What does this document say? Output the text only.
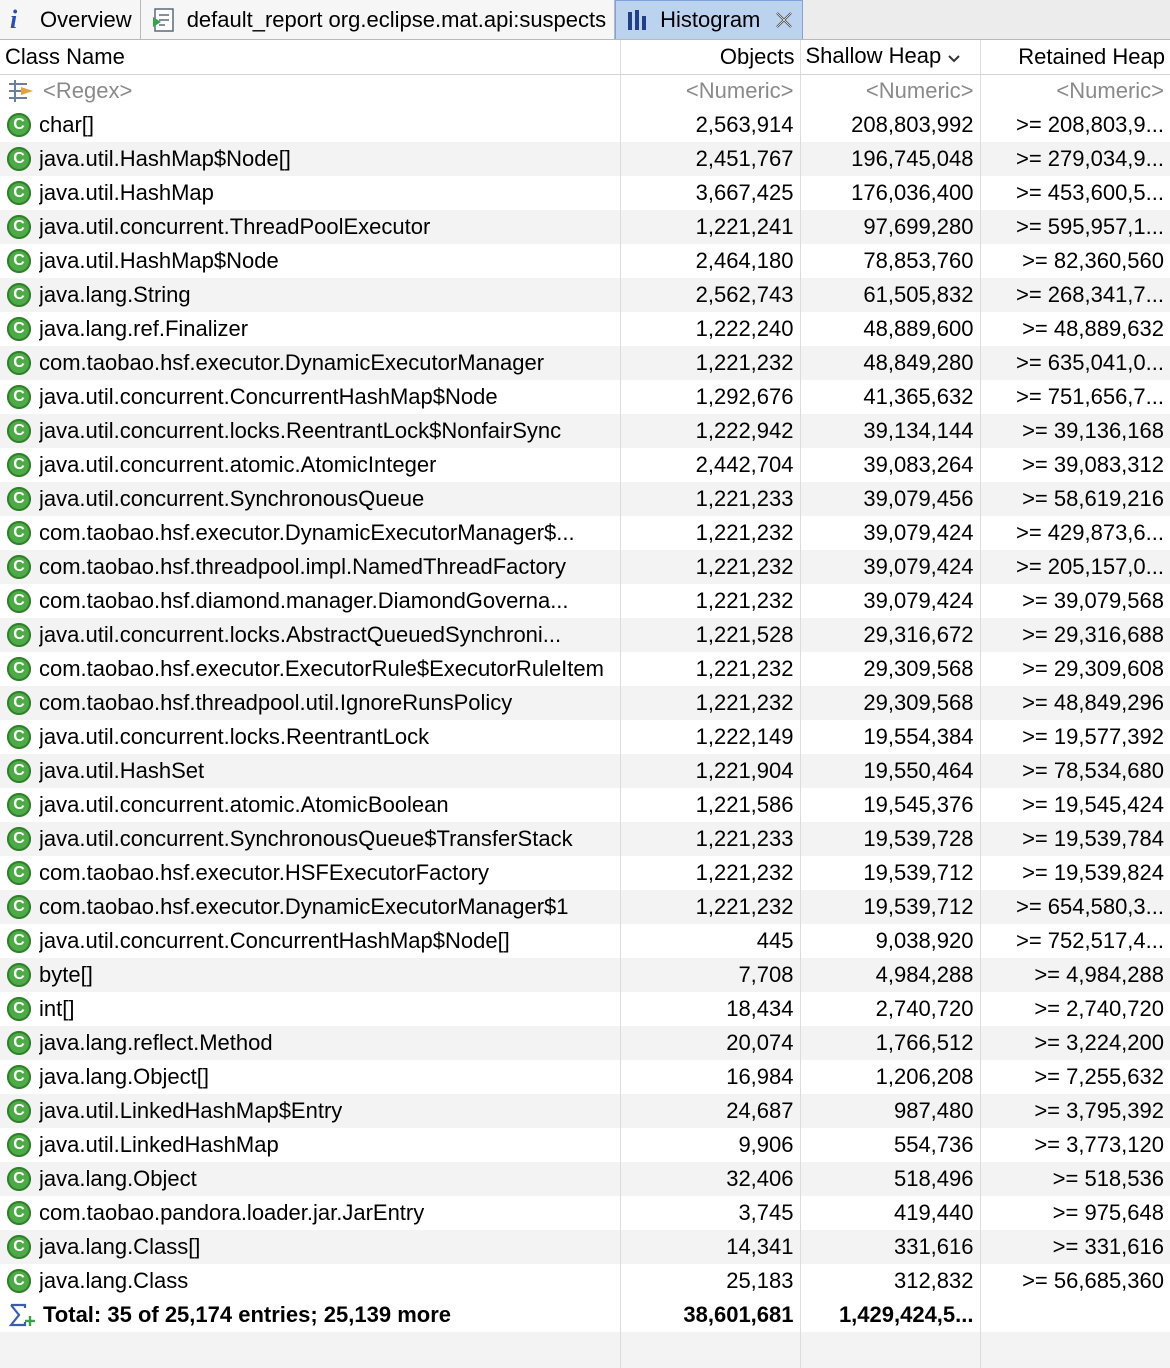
i	Overview	default_report org.eclipse.mat.api:suspects Histogram
Class Name	Objects	Shallow Heap	Retained Heap

<Regex>	<Numeric>	<Numeric>	<Numeric>

C char[]	2,563,914	208,803,992	>= 208,803,9...

C java.util.HashMap$Node[]	2,451,767	196,745,048	>= 279,034,9...

C java.util.HashMap	3,667,425	176,036,400	>= 453,600,5...

C java.util.concurrent.ThreadPoolExecutor	1,221,241	97,699,280	>= 595,957,1...

C java.util.HashMap$Node	2,464,180	78,853,760	>= 82,360,560

C java.lang.String	2,562,743	61,505,832	>= 268,341,7...

C java.lang.ref.Finalizer	1,222,240	48,889,600	>= 48,889,632

C com.taobao.hsf.executor.DynamicExecutorManager	1,221,232	48,849,280	>= 635,041,0...

C java.util.concurrent.ConcurrentHashMap$Node	1,292,676	41,365,632	>= 751,656,7...

C java.util.concurrent.locks.ReentrantLock$NonfairSync	1,222,942	39,134,144	>= 39,136,168

C java.util.concurrent.atomic.AtomicInteger	2,442,704	39,083,264	>= 39,083,312

C java.util.concurrent.SynchronousQueue	1,221,233	39,079,456	>= 58,619,216

C com.taobao.hsf.executor.DynamicExecutorManager$...	1,221,232	39,079,424	>= 429,873,6...

C com.taobao.hsf.threadpool.impl.NamedThreadFactory	1,221,232	39,079,424	>= 205,157,0...

C com.taobao.hsf.diamond.manager.DiamondGoverna...	1,221,232	39,079,424	>= 39,079,568

C java.util.concurrent.locks.AbstractQueuedSynchroni...	1,221,528	29,316,672	>= 29,316,688

C com.taobao.hsf.executor.ExecutorRule$ExecutorRuleItem	1,221,232	29,309,568	>= 29,309,608

C com.taobao.hsf.threadpool.util.IgnoreRunsPolicy	1,221,232	29,309,568	>= 48,849,296

C java.util.concurrent.locks.ReentrantLock	1,222,149	19,554,384	>= 19,577,392

C java.util.HashSet	1,221,904	19,550,464	>= 78,534,680

C java.util.concurrent.atomic.AtomicBoolean	1,221,586	19,545,376	>= 19,545,424

C java.util.concurrent.SynchronousQueue$TransferStack	1,221,233	19,539,728	>= 19,539,784

C com.taobao.hsf.executor.HSFExecutorFactory	1,221,232	19,539,712	>= 19,539,824

C com.taobao.hsf.executor.DynamicExecutorManager$1	1,221,232	19,539,712	>= 654,580,3...

C java.util.concurrent.ConcurrentHashMap$Node[]	445	9,038,920	>= 752,517,4...

C byte[]	7,708	4,984,288	>= 4,984,288

C int[]	18,434	2,740,720	>= 2,740,720

C java.lang.reflect.Method	20,074	1,766,512	>= 3,224,200

C java.lang.Object[]	16,984	1,206,208	>= 7,255,632

C java.util.LinkedHashMap$Entry	24,687	987,480	>= 3,795,392

C java.util.LinkedHashMap	9,906	554,736	>= 3,773,120

C java.lang.Object	32,406	518,496	>= 518,536

C com.taobao.pandora.loader.jar.JarEntry	3,745	419,440	>= 975,648

C java.lang.Class[]	14,341	331,616	>= 331,616

C java.lang.Class	25,183	312,832	>= 56,685,360

Total: 35 of 25,174 entries; 25,139 more	38,601,681	1,429,424,5...	
